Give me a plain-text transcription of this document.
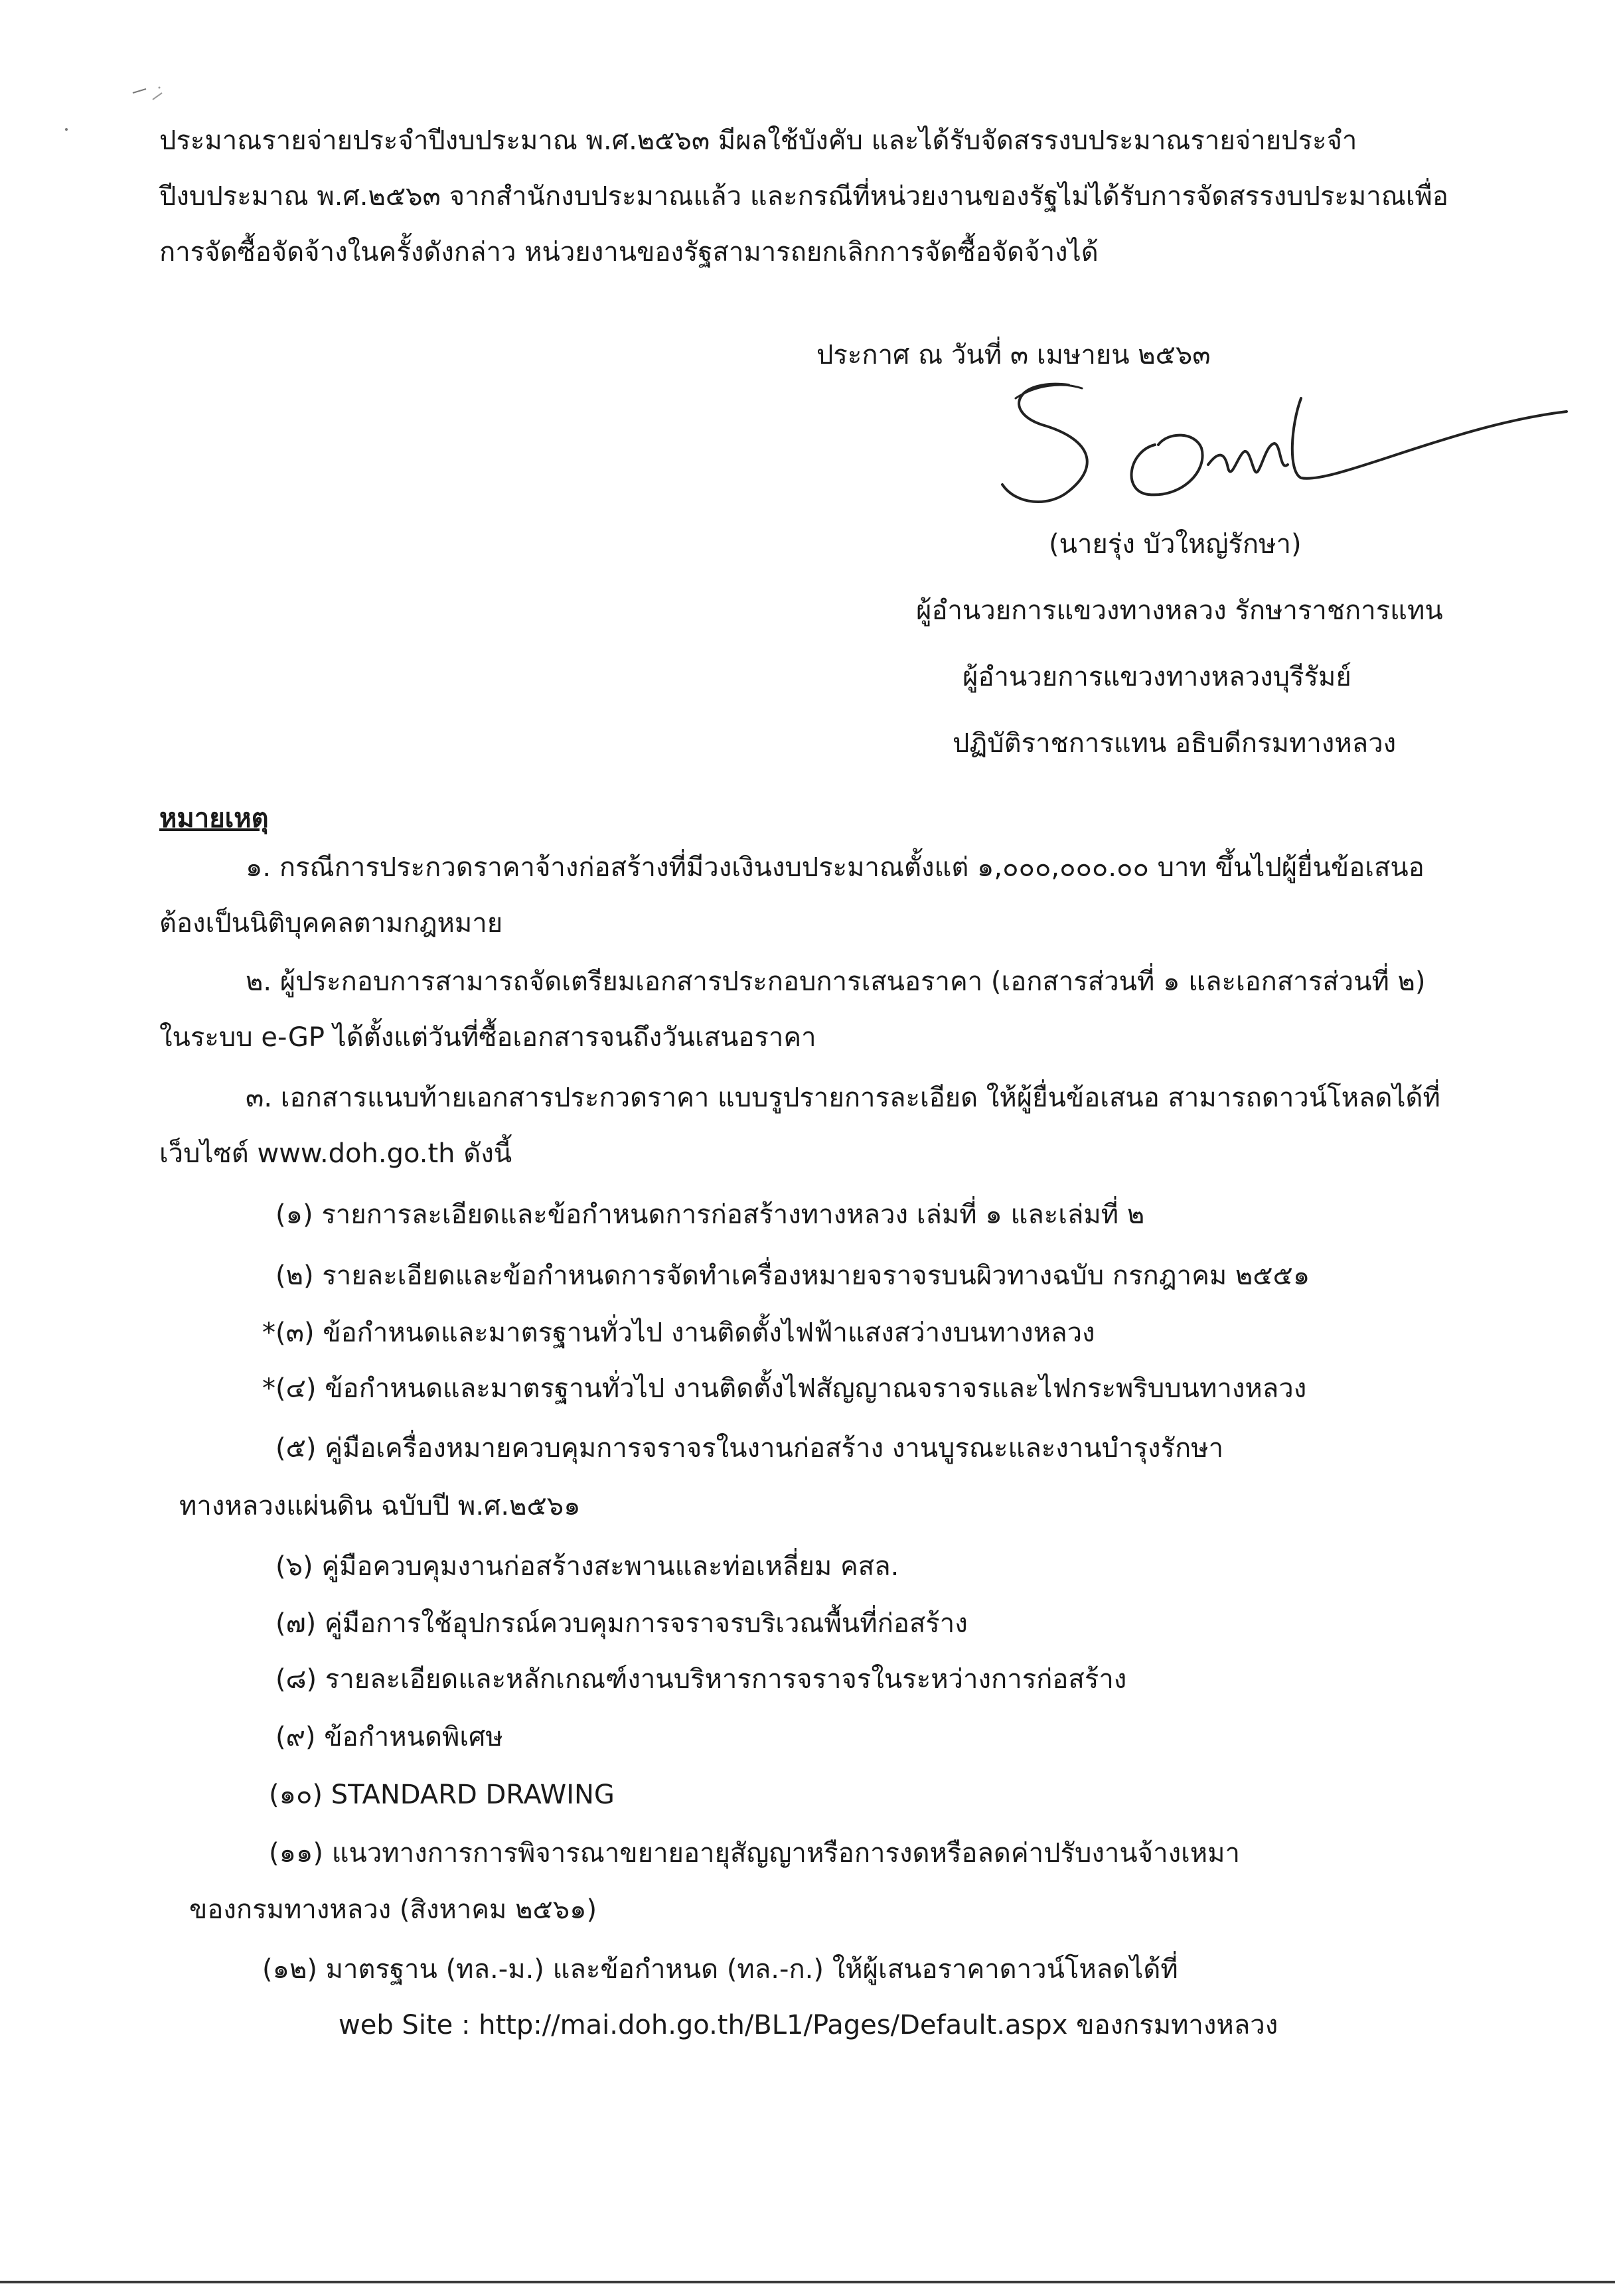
ประมาณรายจ่ายประจำปีงบประมาณ พ.ศ.๒๕๖๓ มีผลใช้บังคับ และได้รับจัดสรรงบประมาณรายจ่ายประจำ
ปีงบประมาณ พ.ศ.๒๕๖๓ จากสำนักงบประมาณแล้ว และกรณีที่หน่วยงานของรัฐไม่ได้รับการจัดสรรงบประมาณเพื่อ
การจัดซื้อจัดจ้างในครั้งดังกล่าว หน่วยงานของรัฐสามารถยกเลิกการจัดซื้อจัดจ้างได้
ประกาศ ณ วันที่ ๓ เมษายน ๒๕๖๓
(นายรุ่ง บัวใหญ่รักษา)
ผู้อำนวยการแขวงทางหลวง รักษาราชการแทน
ผู้อำนวยการแขวงทางหลวงบุรีรัมย์
ปฏิบัติราชการแทน อธิบดีกรมทางหลวง
หมายเหตุ
๑. กรณีการประกวดราคาจ้างก่อสร้างที่มีวงเงินงบประมาณตั้งแต่ ๑,๐๐๐,๐๐๐.๐๐ บาท ขึ้นไปผู้ยื่นข้อเสนอ
ต้องเป็นนิติบุคคลตามกฎหมาย
๒. ผู้ประกอบการสามารถจัดเตรียมเอกสารประกอบการเสนอราคา (เอกสารส่วนที่ ๑ และเอกสารส่วนที่ ๒)
ในระบบ e-GP ได้ตั้งแต่วันที่ซื้อเอกสารจนถึงวันเสนอราคา
๓. เอกสารแนบท้ายเอกสารประกวดราคา แบบรูปรายการละเอียด ให้ผู้ยื่นข้อเสนอ สามารถดาวน์โหลดได้ที่
เว็บไซต์ www.doh.go.th ดังนี้
(๑) รายการละเอียดและข้อกำหนดการก่อสร้างทางหลวง เล่มที่ ๑ และเล่มที่ ๒
(๒) รายละเอียดและข้อกำหนดการจัดทำเครื่องหมายจราจรบนผิวทางฉบับ กรกฎาคม ๒๕๕๑
*(๓) ข้อกำหนดและมาตรฐานทั่วไป งานติดตั้งไฟฟ้าแสงสว่างบนทางหลวง
*(๔) ข้อกำหนดและมาตรฐานทั่วไป งานติดตั้งไฟสัญญาณจราจรและไฟกระพริบบนทางหลวง
(๕) คู่มือเครื่องหมายควบคุมการจราจรในงานก่อสร้าง งานบูรณะและงานบำรุงรักษา
ทางหลวงแผ่นดิน ฉบับปี พ.ศ.๒๕๖๑
(๖) คู่มือควบคุมงานก่อสร้างสะพานและท่อเหลี่ยม คสล.
(๗) คู่มือการใช้อุปกรณ์ควบคุมการจราจรบริเวณพื้นที่ก่อสร้าง
(๘) รายละเอียดและหลักเกณฑ์งานบริหารการจราจรในระหว่างการก่อสร้าง
(๙) ข้อกำหนดพิเศษ
(๑๐) STANDARD DRAWING
(๑๑) แนวทางการการพิจารณาขยายอายุสัญญาหรือการงดหรือลดค่าปรับงานจ้างเหมา
ของกรมทางหลวง (สิงหาคม ๒๕๖๑)
(๑๒) มาตรฐาน (ทล.-ม.) และข้อกำหนด (ทล.-ก.) ให้ผู้เสนอราคาดาวน์โหลดได้ที่
web Site : http://mai.doh.go.th/BL1/Pages/Default.aspx ของกรมทางหลวง
